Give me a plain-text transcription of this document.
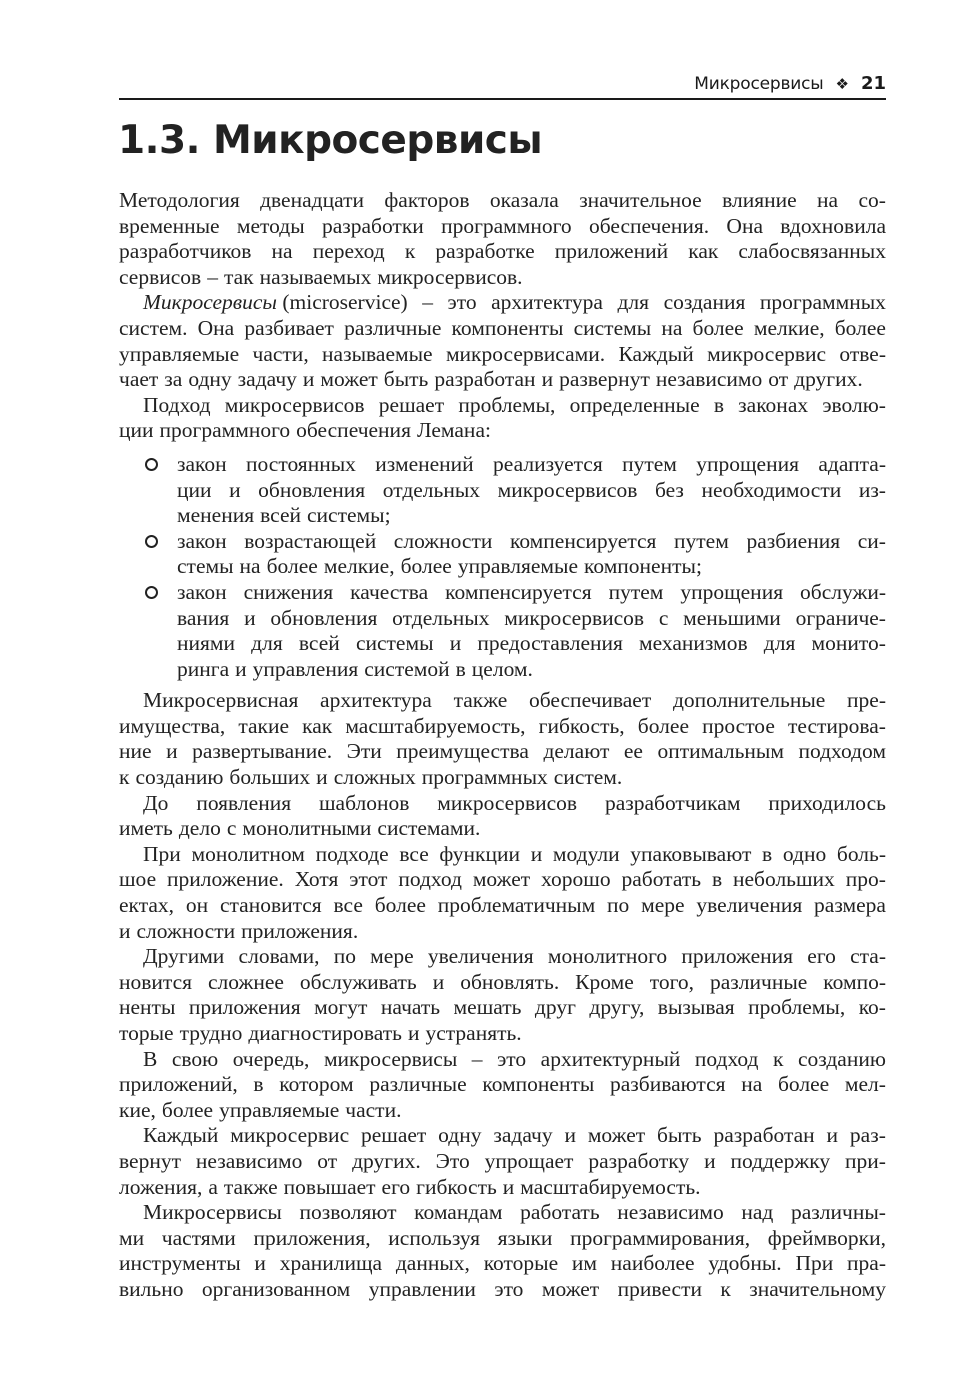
Микросервисы ❖ 21
1.3. Микросервисы
Методология двенадцати факторов оказала значительное влияние на со-
временные методы разработки программного обеспечения. Она вдохновила
разработчиков на переход к разработке приложений как слабосвязанных
сервисов – так называемых микросервисов.
Микросервисы (microservice) – это архитектура для создания программных
систем. Она разбивает различные компоненты системы на более мелкие, более
управляемые части, называемые микросервисами. Каждый микросервис отве-
чает за одну задачу и может быть разработан и развернут независимо от других.
Подход микросервисов решает проблемы, определенные в законах эволю-
ции программного обеспечения Лемана:
закон постоянных изменений реализуется путем упрощения адапта-
ции и обновления отдельных микросервисов без необходимости из-
менения всей системы;
закон возрастающей сложности компенсируется путем разбиения си-
стемы на более мелкие, более управляемые компоненты;
закон снижения качества компенсируется путем упрощения обслужи-
вания и обновления отдельных микросервисов с меньшими ограниче-
ниями для всей системы и предоставления механизмов для монито-
ринга и управления системой в целом.
Микросервисная архитектура также обеспечивает дополнительные пре-
имущества, такие как масштабируемость, гибкость, более простое тестирова-
ние и развертывание. Эти преимущества делают ее оптимальным подходом
к созданию больших и сложных программных систем.
До появления шаблонов микросервисов разработчикам приходилось
иметь дело с монолитными системами.
При монолитном подходе все функции и модули упаковывают в одно боль-
шое приложение. Хотя этот подход может хорошо работать в небольших про-
ектах, он становится все более проблематичным по мере увеличения размера
и сложности приложения.
Другими словами, по мере увеличения монолитного приложения его ста-
новится сложнее обслуживать и обновлять. Кроме того, различные компо-
ненты приложения могут начать мешать друг другу, вызывая проблемы, ко-
торые трудно диагностировать и устранять.
В свою очередь, микросервисы – это архитектурный подход к созданию
приложений, в котором различные компоненты разбиваются на более мел-
кие, более управляемые части.
Каждый микросервис решает одну задачу и может быть разработан и раз-
вернут независимо от других. Это упрощает разработку и поддержку при-
ложения, а также повышает его гибкость и масштабируемость.
Микросервисы позволяют командам работать независимо над различны-
ми частями приложения, используя языки программирования, фреймворки,
инструменты и хранилища данных, которые им наиболее удобны. При пра-
вильно организованном управлении это может привести к значительному
